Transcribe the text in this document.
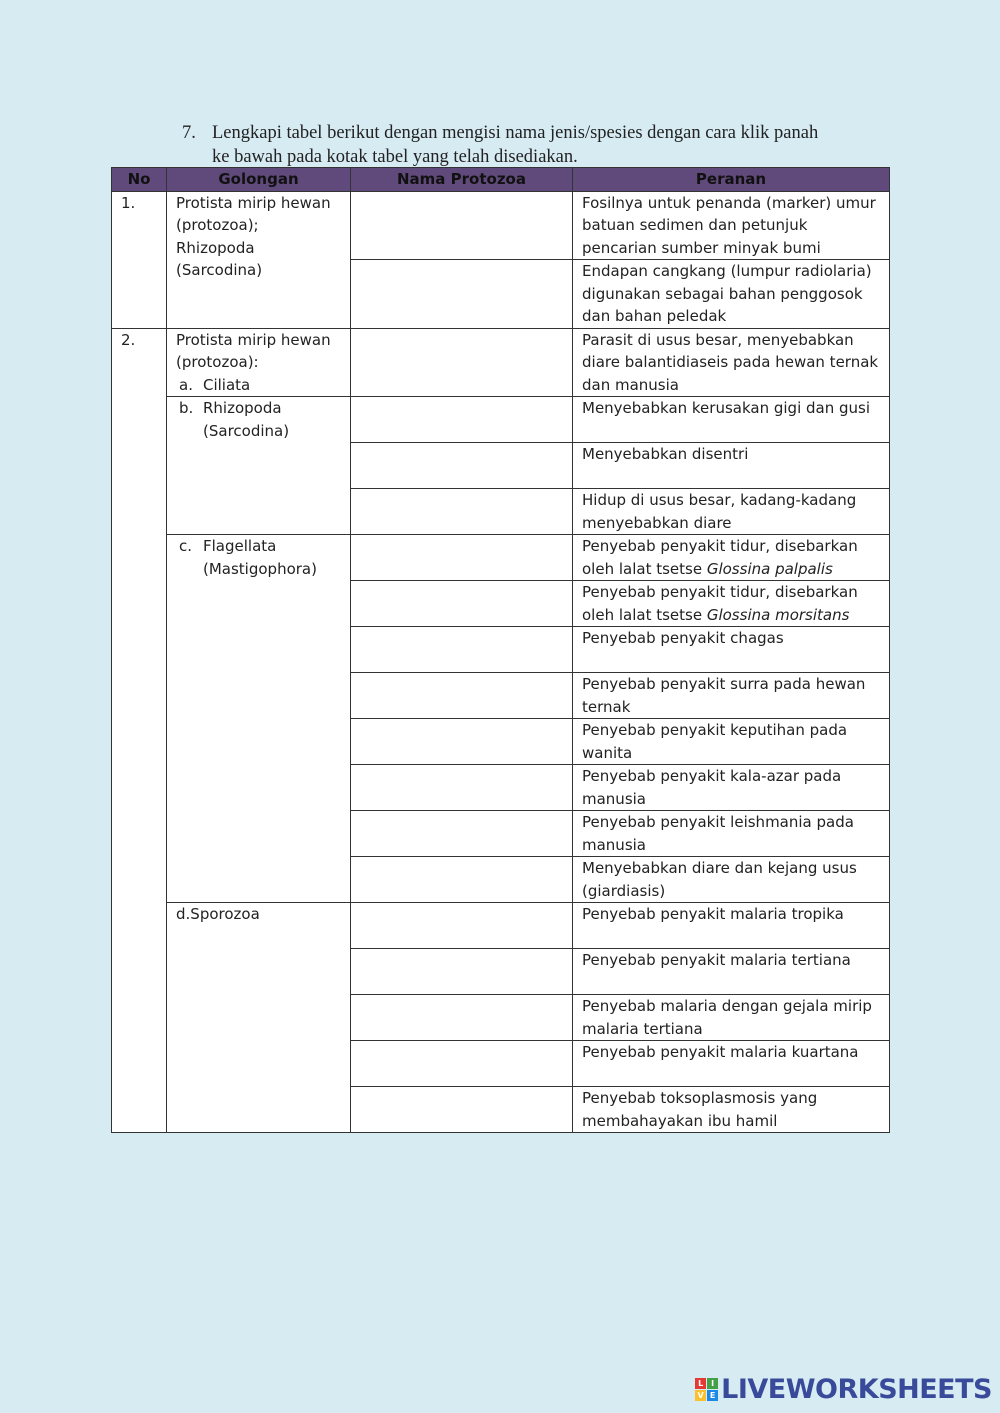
7. Lengkapi tabel berikut dengan mengisi nama jenis/spesies dengan cara klik panah
ke bawah pada kotak tabel yang telah disediakan.
No	Golongan	Nama Protozoa	Peranan
1.	Protista mirip hewan
(protozoa);
Rhizopoda
(Sarcodina)		Fosilnya untuk penanda (marker) umur batuan sedimen dan petunjuk pencarian sumber minyak bumi
			Endapan cangkang (lumpur radiolaria) digunakan sebagai bahan penggosok dan bahan peledak
2.	Protista mirip hewan
(protozoa):
a. Ciliata		Parasit di usus besar, menyebabkan diare balantidiaseis pada hewan ternak dan manusia

	b. Rhizopoda (Sarcodina)		Menyebabkan kerusakan gigi dan gusi
			Menyebabkan disentri
			Hidup di usus besar, kadang-kadang menyebabkan diare

	c. Flagellata (Mastigophora)		Penyebab penyakit tidur, disebarkan oleh lalat tsetse Glossina palpalis
			Penyebab penyakit tidur, disebarkan oleh lalat tsetse Glossina morsitans
			Penyebab penyakit chagas
			Penyebab penyakit surra pada hewan ternak
			Penyebab penyakit keputihan pada wanita
			Penyebab penyakit kala-azar pada manusia
			Penyebab penyakit leishmania pada manusia
			Menyebabkan diare dan kejang usus (giardiasis)

	d.Sporozoa		Penyebab penyakit malaria tropika
			Penyebab penyakit malaria tertiana
			Penyebab malaria dengan gejala mirip malaria tertiana
			Penyebab penyakit malaria kuartana
			Penyebab toksoplasmosis yang membahayakan ibu hamil
L I
V E LIVEWORKSHEETS
